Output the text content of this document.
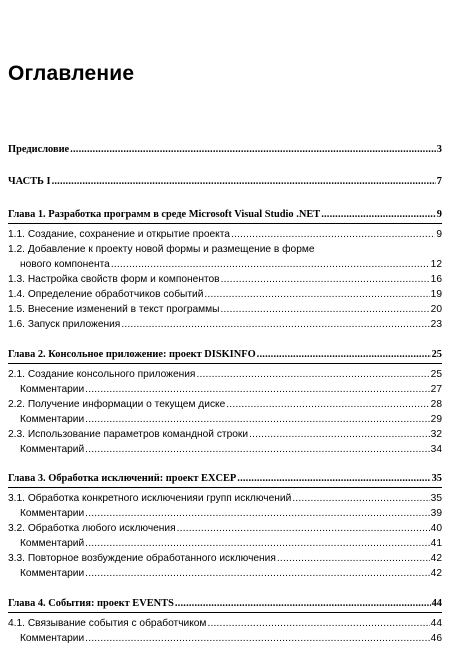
Оглавление
Предисловие .....	3
ЧАСТЬ I .....	7
Глава 1. Разработка программ в среде Microsoft Visual Studio .NET .....	9
1.1. Создание, сохранение и открытие проекта .....	9
1.2. Добавление к проекту новой формы и размещение в форме
нового компонента .....	12
1.3. Настройка свойств форм и компонентов .....	16
1.4. Определение обработчиков событий .....	19
1.5. Внесение изменений в текст программы .....	20
1.6. Запуск приложения .....	23
Глава 2. Консольное приложение: проект DISKINFO .....	25
2.1. Создание консольного приложения .....	25
Комментарии .....	27
2.2. Получение информации о текущем диске .....	28
Комментарии .....	29
2.3. Использование параметров командной строки .....	32
Комментарий .....	34
Глава 3. Обработка исключений: проект EXCEP .....	35
3.1. Обработка конкретного исключенияи групп исключений .....	35
Комментарии .....	39
3.2. Обработка любого исключения .....	40
Комментарий .....	41
3.3. Повторное возбуждение обработанного исключения .....	42
Комментарии .....	42
Глава 4. События: проект EVENTS .....	44
4.1. Связывание события с обработчиком .....	44
Комментарии .....	46
